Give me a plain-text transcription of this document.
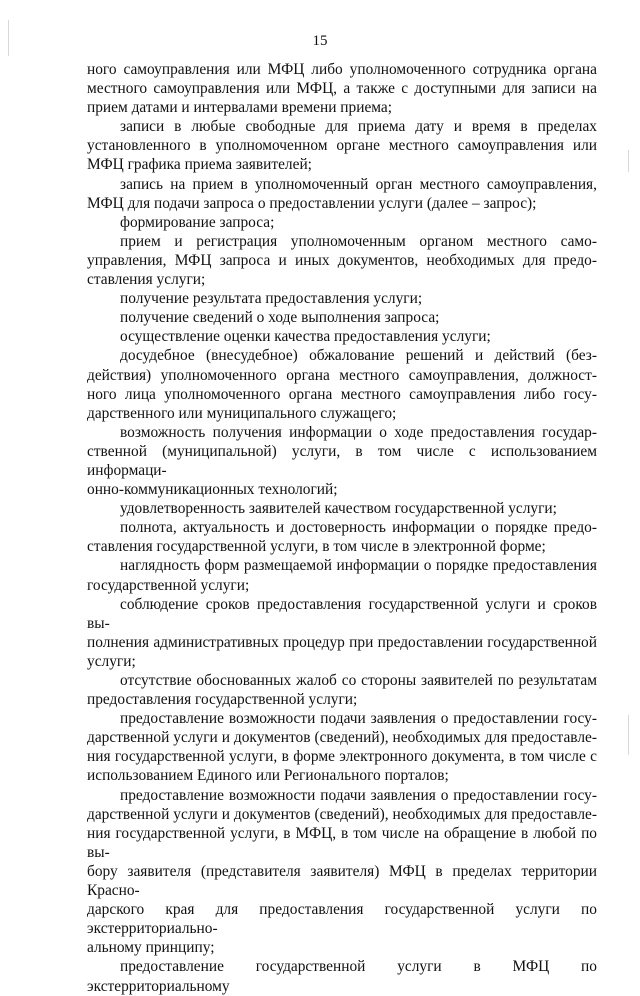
15
ного самоуправления или МФЦ либо уполномоченного сотрудника органа
местного самоуправления или МФЦ, а также с доступными для записи на
прием датами и интервалами времени приема;
записи в любые свободные для приема дату и время в пределах
установленного в уполномоченном органе местного самоуправления или
МФЦ графика приема заявителей;
запись на прием в уполномоченный орган местного самоуправления,
МФЦ для подачи запроса о предоставлении услуги (далее – запрос);
формирование запроса;
прием и регистрация уполномоченным органом местного само-
управления, МФЦ запроса и иных документов, необходимых для предо-
ставления услуги;
получение результата предоставления услуги;
получение сведений о ходе выполнения запроса;
осуществление оценки качества предоставления услуги;
досудебное (внесудебное) обжалование решений и действий (без-
действия) уполномоченного органа местного самоуправления, должност-
ного лица уполномоченного органа местного самоуправления либо госу-
дарственного или муниципального служащего;
возможность получения информации о ходе предоставления государ-
ственной (муниципальной) услуги, в том числе с использованием информаци-
онно-коммуникационных технологий;
удовлетворенность заявителей качеством государственной услуги;
полнота, актуальность и достоверность информации о порядке предо-
ставления государственной услуги, в том числе в электронной форме;
наглядность форм размещаемой информации о порядке предоставления
государственной услуги;
соблюдение сроков предоставления государственной услуги и сроков вы-
полнения административных процедур при предоставлении государственной
услуги;
отсутствие обоснованных жалоб со стороны заявителей по результатам
предоставления государственной услуги;
предоставление возможности подачи заявления о предоставлении госу-
дарственной услуги и документов (сведений), необходимых для предоставле-
ния государственной услуги, в форме электронного документа, в том числе с
использованием Единого или Регионального порталов;
предоставление возможности подачи заявления о предоставлении госу-
дарственной услуги и документов (сведений), необходимых для предоставле-
ния государственной услуги, в МФЦ, в том числе на обращение в любой по вы-
бору заявителя (представителя заявителя) МФЦ в пределах территории Красно-
дарского края для предоставления государственной услуги по экстерриториально-
альному принципу;
предоставление государственной услуги в МФЦ по экстерриториальному
